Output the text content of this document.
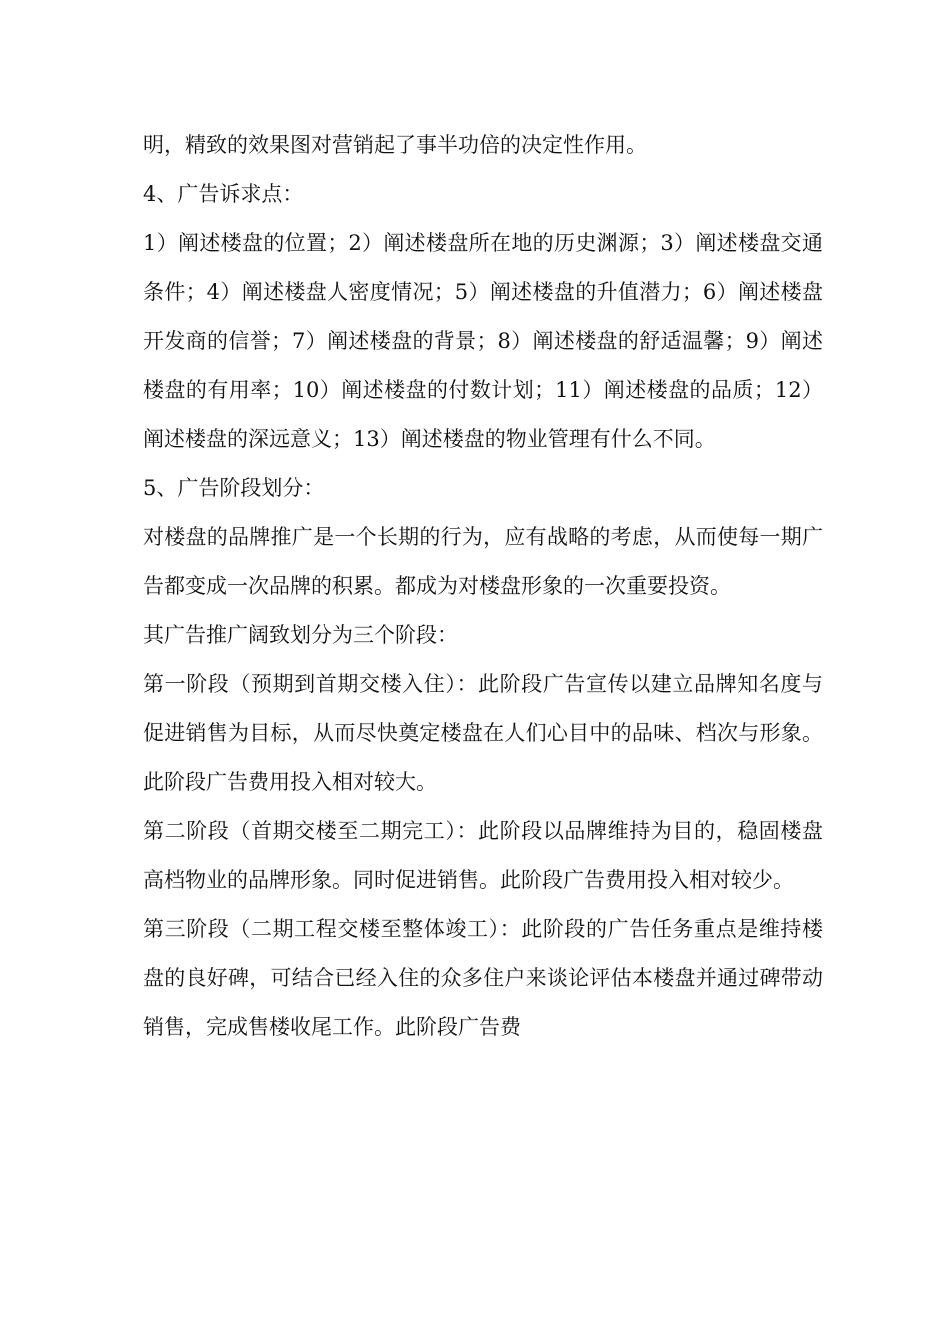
明，精致的效果图对营销起了事半功倍的决定性作用。

4、广告诉求点：

1）阐述楼盘的位置；2）阐述楼盘所在地的历史渊源；3）阐述楼盘交通条件；4）阐述楼盘人密度情况；5）阐述楼盘的升值潜力；6）阐述楼盘开发商的信誉；7）阐述楼盘的背景；8）阐述楼盘的舒适温馨；9）阐述楼盘的有用率；10）阐述楼盘的付数计划；11）阐述楼盘的品质；12）阐述楼盘的深远意义；13）阐述楼盘的物业管理有什么不同。

5、广告阶段划分：

对楼盘的品牌推广是一个长期的行为，应有战略的考虑，从而使每一期广告都变成一次品牌的积累。都成为对楼盘形象的一次重要投资。

其广告推广阔致划分为三个阶段：

第一阶段（预期到首期交楼入住）：此阶段广告宣传以建立品牌知名度与促进销售为目标，从而尽快奠定楼盘在人们心目中的品味、档次与形象。此阶段广告费用投入相对较大。

第二阶段（首期交楼至二期完工）：此阶段以品牌维持为目的，稳固楼盘高档物业的品牌形象。同时促进销售。此阶段广告费用投入相对较少。

第三阶段（二期工程交楼至整体竣工）：此阶段的广告任务重点是维持楼盘的良好碑，可结合已经入住的众多住户来谈论评估本楼盘并通过碑带动销售，完成售楼收尾工作。此阶段广告费
